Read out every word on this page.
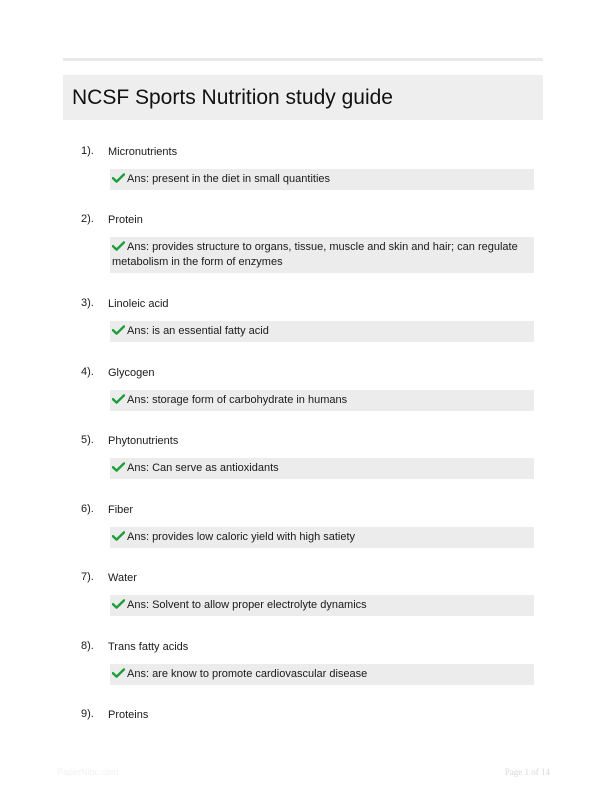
NCSF Sports Nutrition study guide
1). Micronutrients
Ans: present in the diet in small quantities
2). Protein
Ans: provides structure to organs, tissue, muscle and skin and hair; can regulate metabolism in the form of enzymes
3). Linoleic acid
Ans: is an essential fatty acid
4). Glycogen
Ans: storage form of carbohydrate in humans
5). Phytonutrients
Ans: Can serve as antioxidants
6). Fiber
Ans: provides low caloric yield with high satiety
7). Water
Ans: Solvent to allow proper electrolyte dynamics
8). Trans fatty acids
Ans: are know to promote cardiovascular disease
9). Proteins
PaperNibc.com	Page 1 of 14
